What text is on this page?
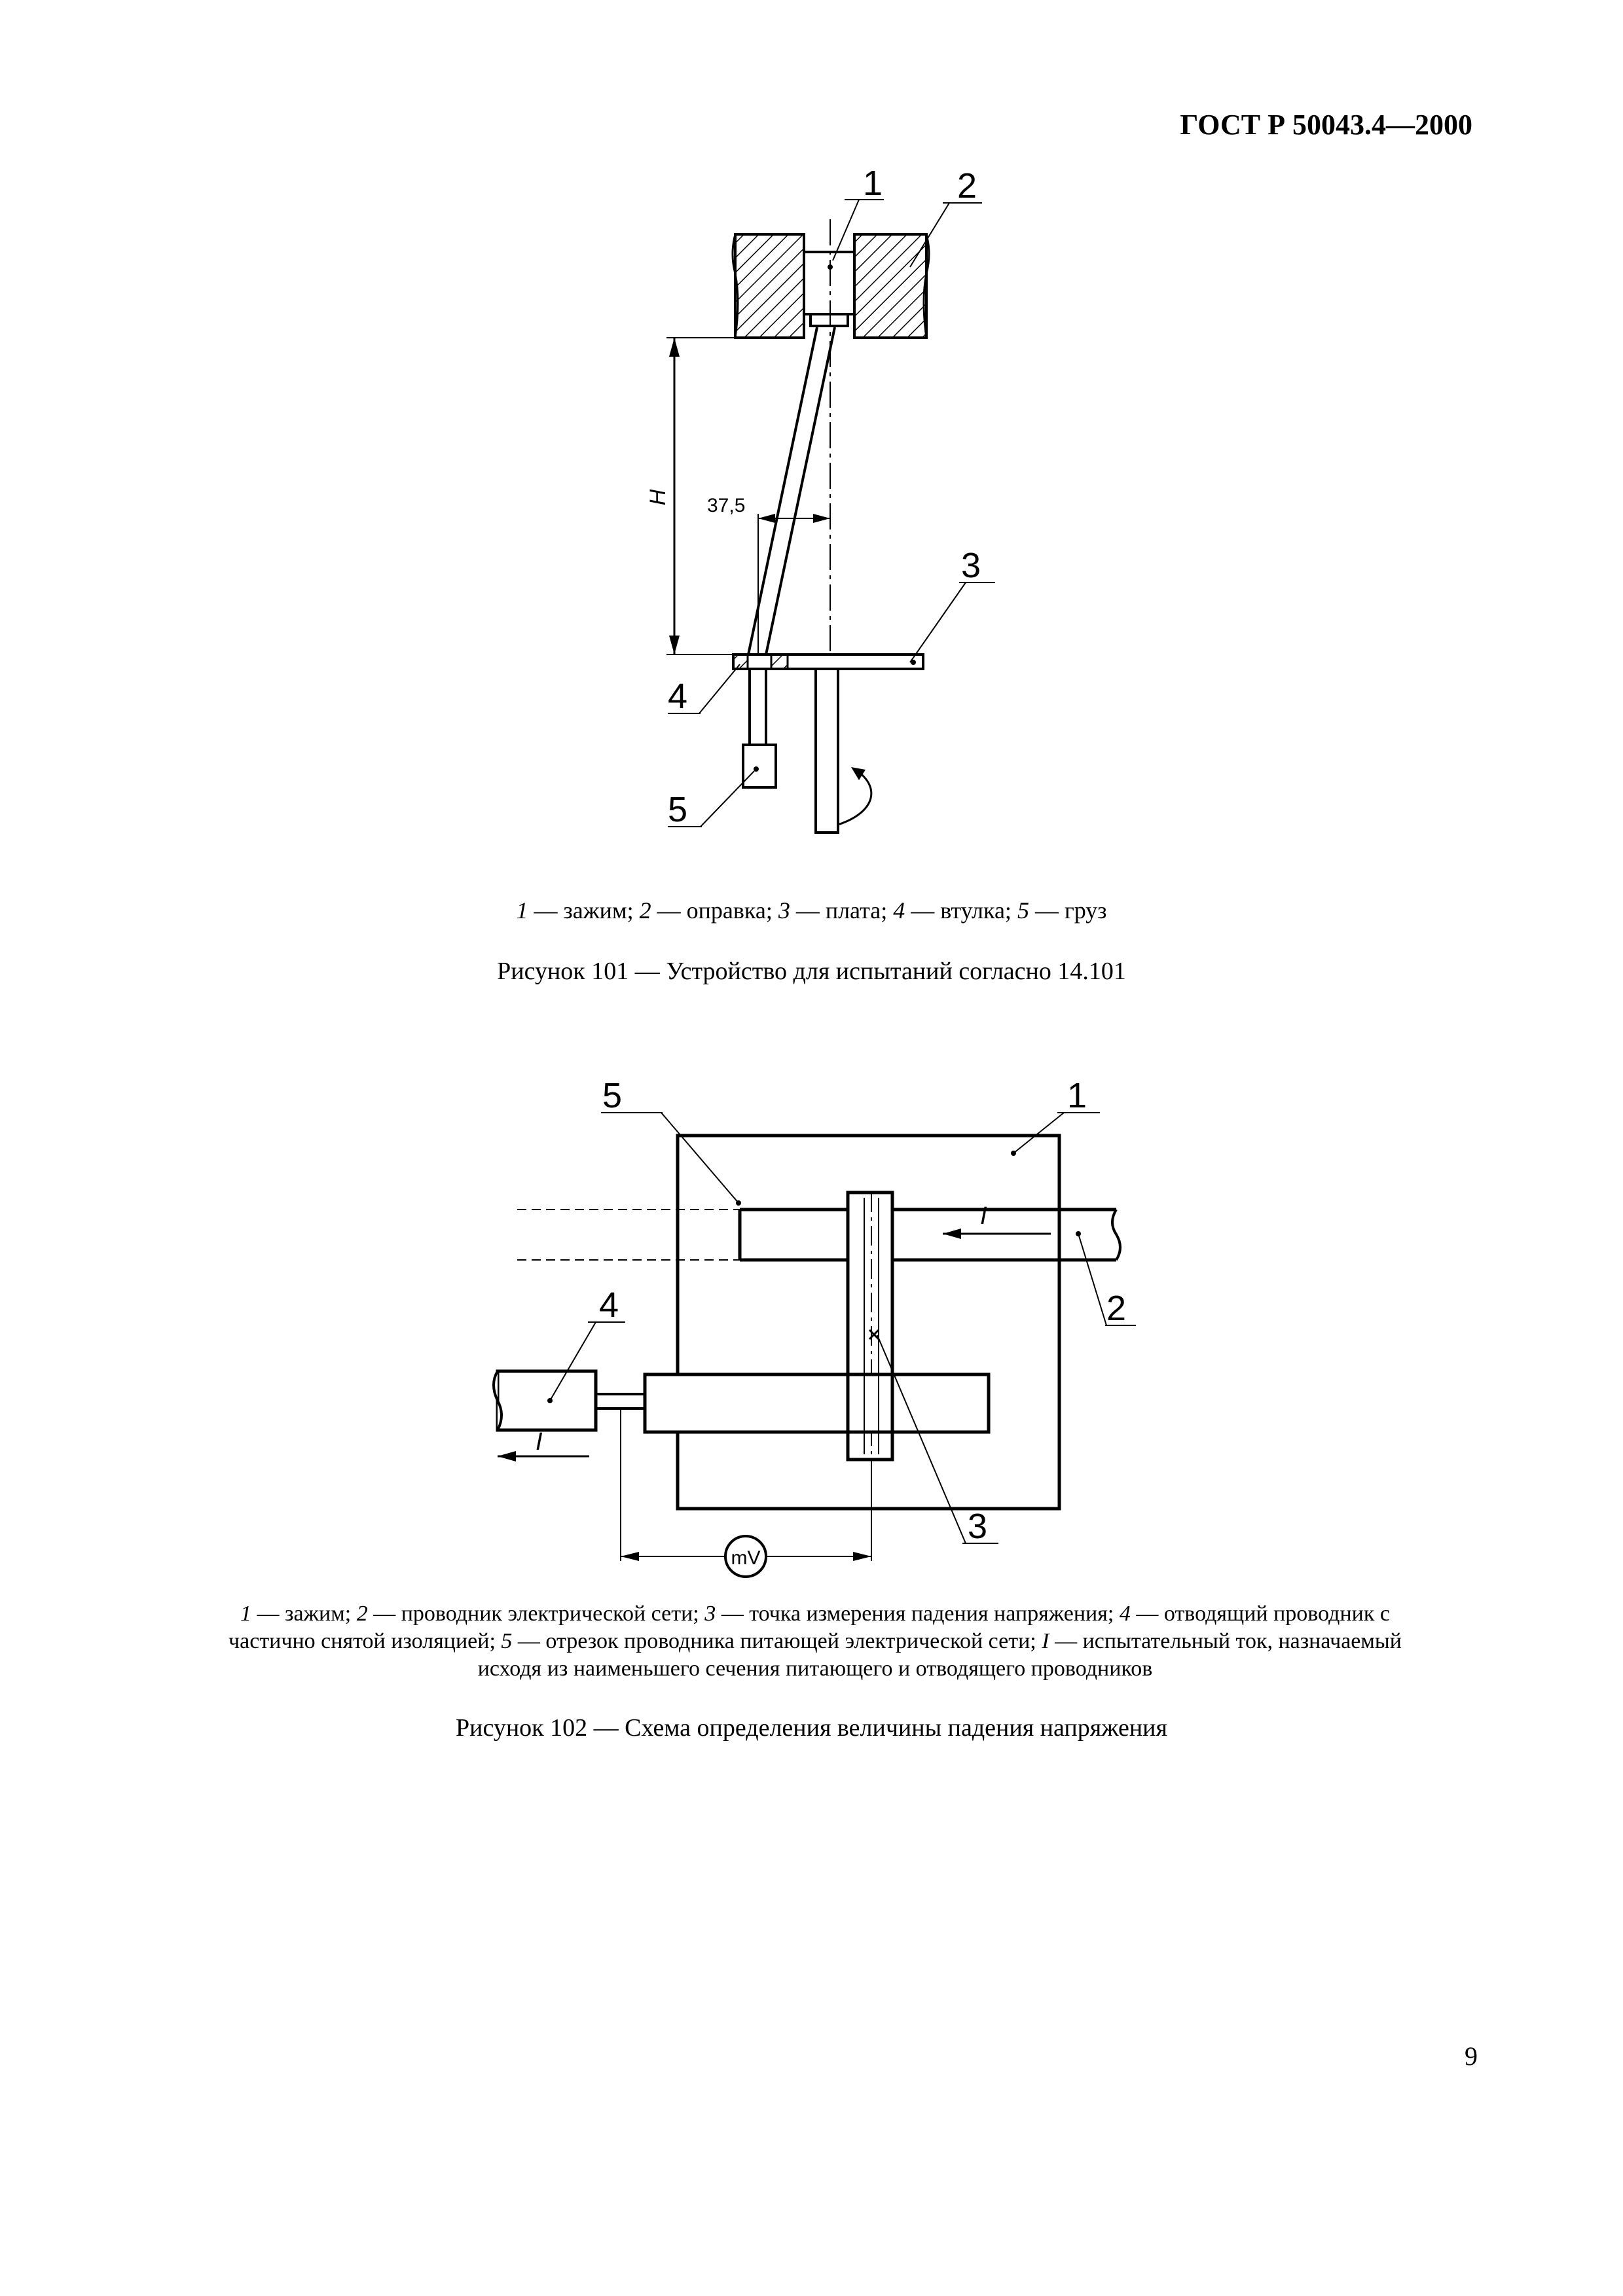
ГОСТ Р 50043.4—2000
H 37,5
1 2
3
4
5
1 — зажим; 2 — оправка; 3 — плата; 4 — втулка; 5 — груз
Рисунок 101 — Устройство для испытаний согласно 14.101
I
I
mV
1
2
3
4
5
1 — зажим; 2 — проводник электрической сети; 3 — точка измерения падения напряжения; 4 — отводящий проводник с
частично снятой изоляцией; 5 — отрезок проводника питающей электрической сети; I — испытательный ток, назначаемый
исходя из наименьшего сечения питающего и отводящего проводников
Рисунок 102 — Схема определения величины падения напряжения
9
